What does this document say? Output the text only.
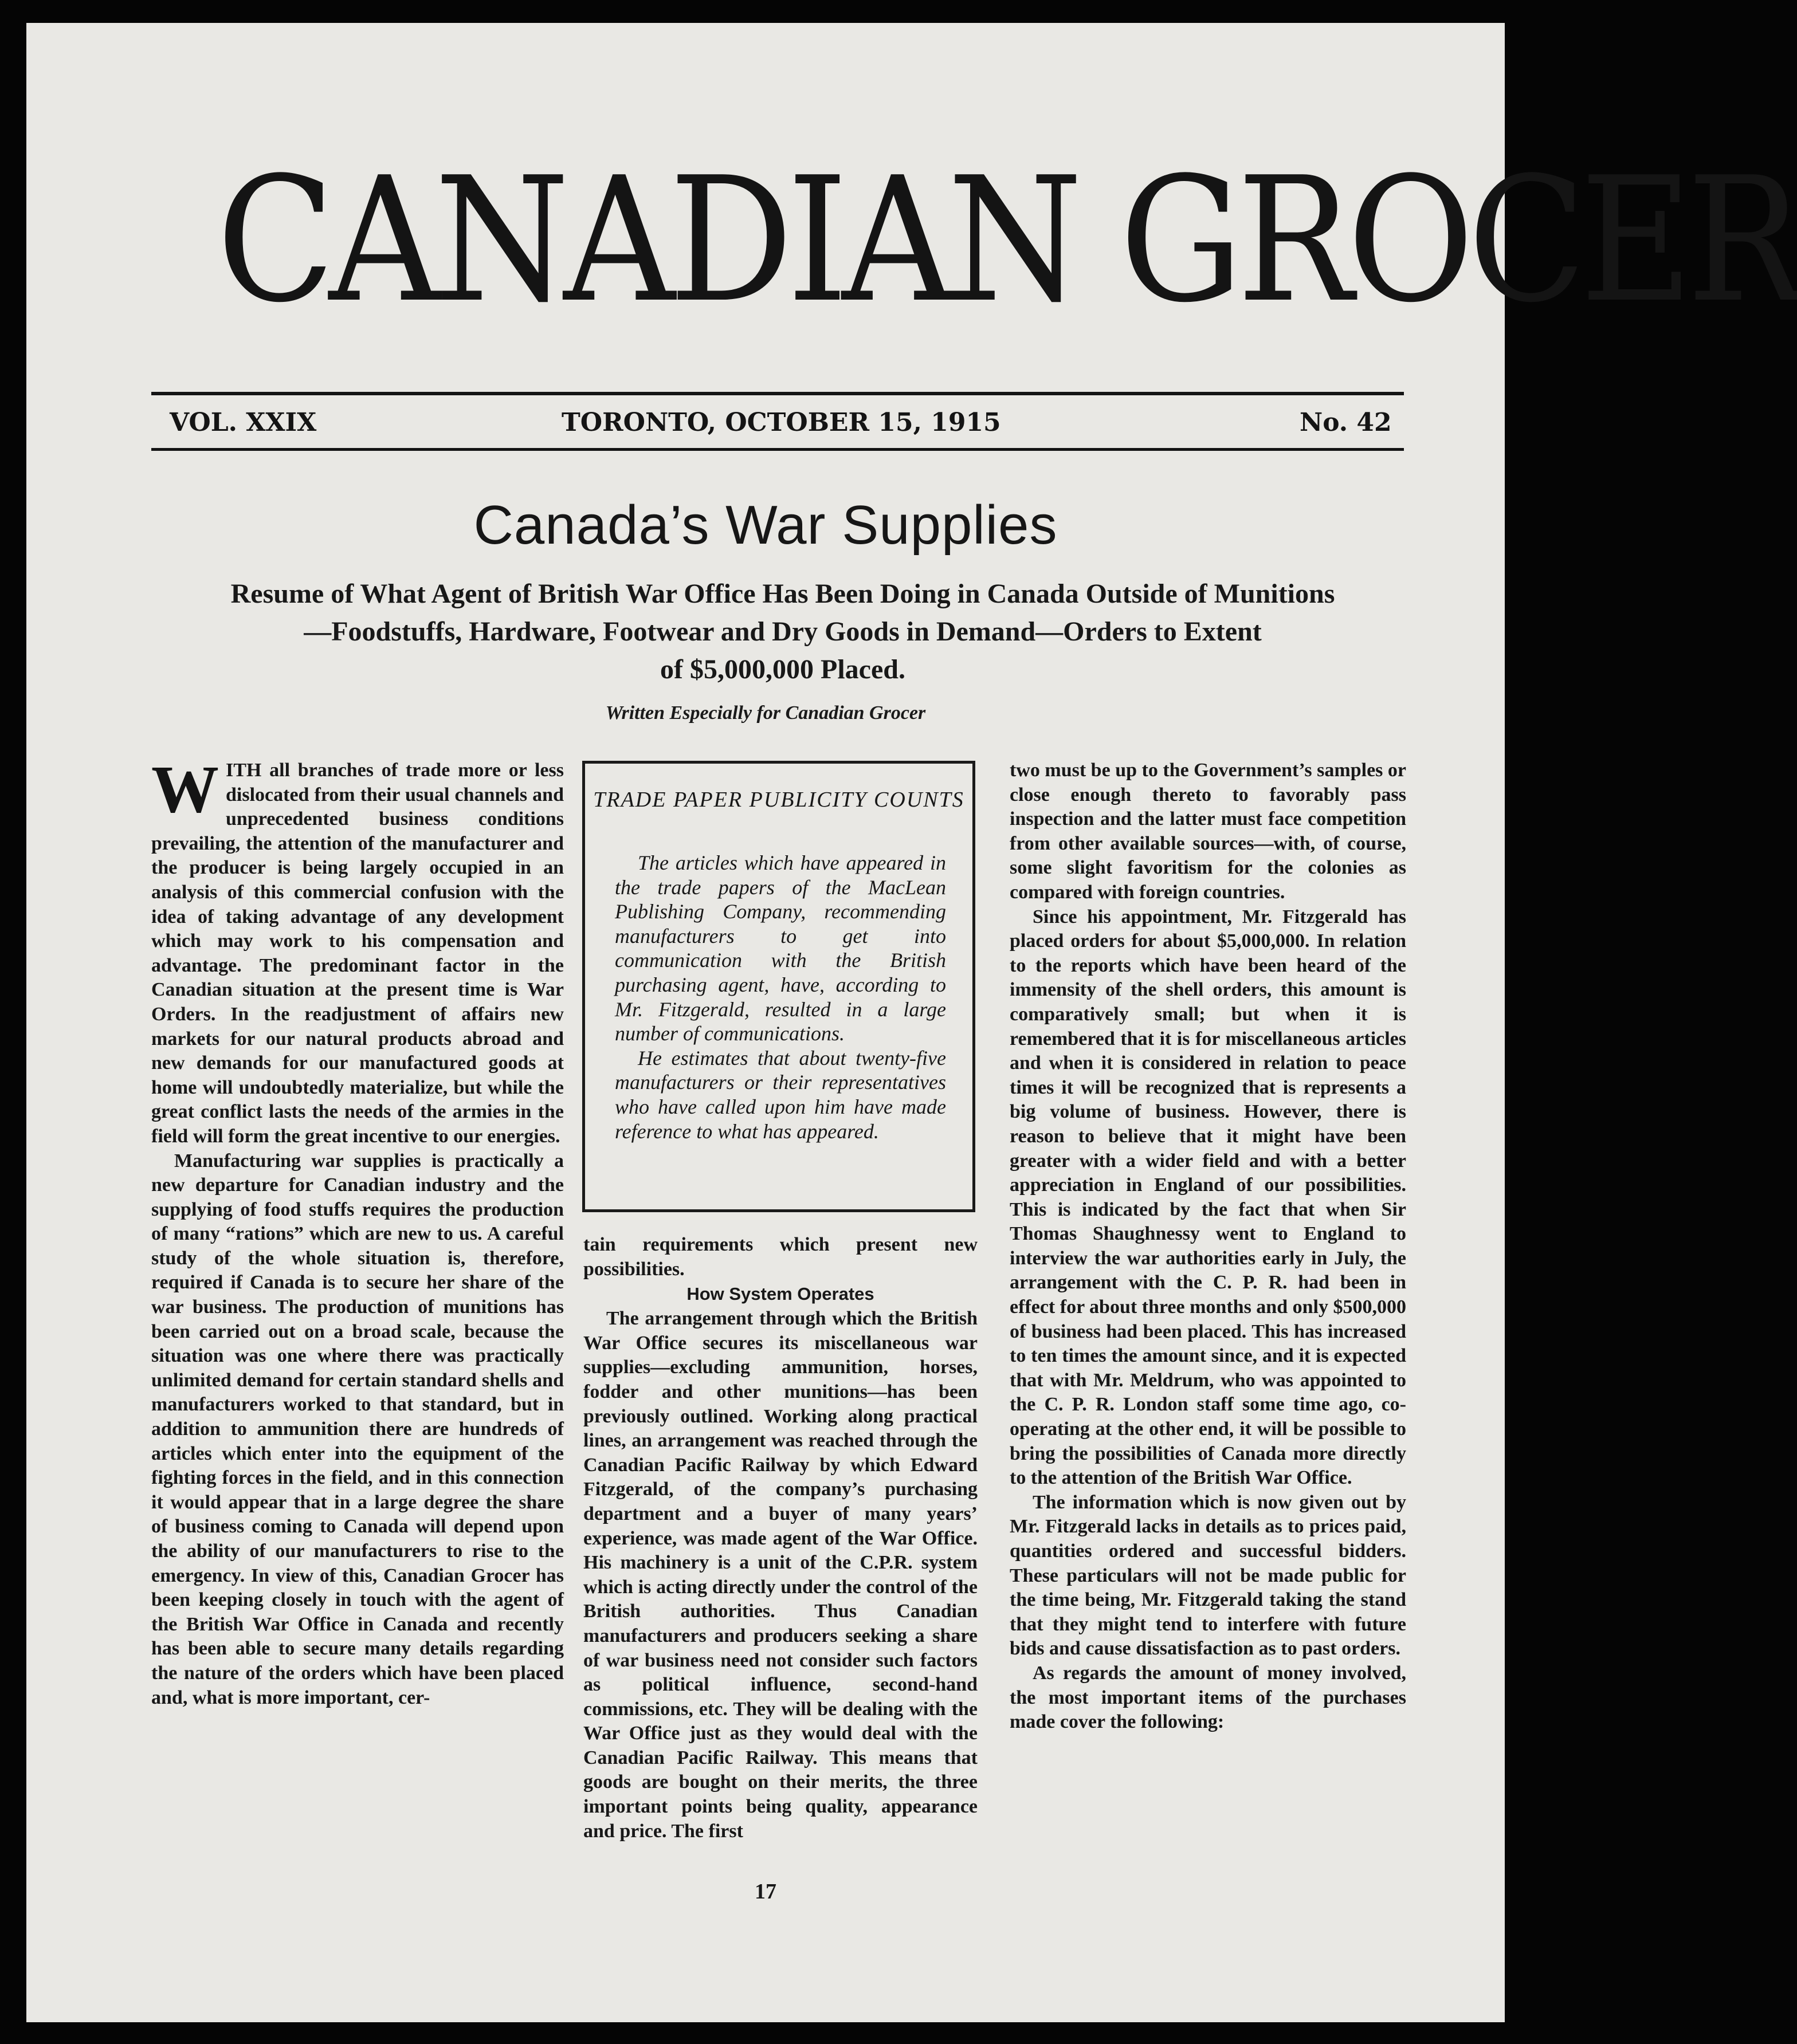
CANADIAN GROCER
VOL. XXIX	TORONTO, OCTOBER 15, 1915	No. 42
Canada’s War Supplies
Resume of What Agent of British War Office Has Been Doing in Canada Outside of Munitions
—Foodstuffs, Hardware, Footwear and Dry Goods in Demand—Orders to Extent
of $5,000,000 Placed.
Written Especially for Canadian Grocer
W ITH all branches of trade more or less dislocated from their usual channels and unprecedented business conditions prevailing, the attention of the manufacturer and the producer is being largely occupied in an analysis of this commercial confusion with the idea of taking advantage of any development which may work to his compensation and advantage. The predominant factor in the Canadian situation at the present time is War Orders. In the readjustment of affairs new markets for our natural products abroad and new demands for our manufactured goods at home will undoubtedly materialize, but while the great conflict lasts the needs of the armies in the field will form the great incentive to our energies.

Manufacturing war supplies is practically a new departure for Canadian industry and the supplying of food stuffs requires the production of many “rations” which are new to us. A careful study of the whole situation is, therefore, required if Canada is to secure her share of the war business. The production of munitions has been carried out on a broad scale, because the situation was one where there was practically unlimited demand for certain standard shells and manufacturers worked to that standard, but in addition to ammunition there are hundreds of articles which enter into the equipment of the fighting forces in the field, and in this connection it would appear that in a large degree the share of business coming to Canada will depend upon the ability of our manufacturers to rise to the emergency. In view of this, Canadian Grocer has been keeping closely in touch with the agent of the British War Office in Canada and recently has been able to secure many details regarding the nature of the orders which have been placed and, what is more important, cer-

TRADE PAPER PUBLICITY COUNTS

The articles which have appeared in the trade papers of the MacLean Publishing Company, recommending manufacturers to get into communication with the British purchasing agent, have, according to Mr. Fitzgerald, resulted in a large number of communications.

He estimates that about twenty-five manufacturers or their representatives who have called upon him have made reference to what has appeared.

tain requirements which present new possibilities.

How System Operates

The arrangement through which the British War Office secures its miscellaneous war supplies—excluding ammunition, horses, fodder and other munitions—has been previously outlined. Working along practical lines, an arrangement was reached through the Canadian Pacific Railway by which Edward Fitzgerald, of the company’s purchasing department and a buyer of many years’ experience, was made agent of the War Office. His machinery is a unit of the C.P.R. system which is acting directly under the control of the British authorities. Thus Canadian manufacturers and producers seeking a share of war business need not consider such factors as political influence, second-hand commissions, etc. They will be dealing with the War Office just as they would deal with the Canadian Pacific Railway. This means that goods are bought on their merits, the three important points being quality, appearance and price. The first

two must be up to the Government’s samples or close enough thereto to favorably pass inspection and the latter must face competition from other available sources—with, of course, some slight favoritism for the colonies as compared with foreign countries.

Since his appointment, Mr. Fitzgerald has placed orders for about $5,000,000. In relation to the reports which have been heard of the immensity of the shell orders, this amount is comparatively small; but when it is remembered that it is for miscellaneous articles and when it is considered in relation to peace times it will be recognized that is represents a big volume of business. However, there is reason to believe that it might have been greater with a wider field and with a better appreciation in England of our possibilities. This is indicated by the fact that when Sir Thomas Shaughnessy went to England to interview the war authorities early in July, the arrangement with the C. P. R. had been in effect for about three months and only $500,000 of business had been placed. This has increased to ten times the amount since, and it is expected that with Mr. Meldrum, who was appointed to the C. P. R. London staff some time ago, co-operating at the other end, it will be possible to bring the possibilities of Canada more directly to the attention of the British War Office.

The information which is now given out by Mr. Fitzgerald lacks in details as to prices paid, quantities ordered and successful bidders. These particulars will not be made public for the time being, Mr. Fitzgerald taking the stand that they might tend to interfere with future bids and cause dissatisfaction as to past orders.

As regards the amount of money involved, the most important items of the purchases made cover the following:

17
